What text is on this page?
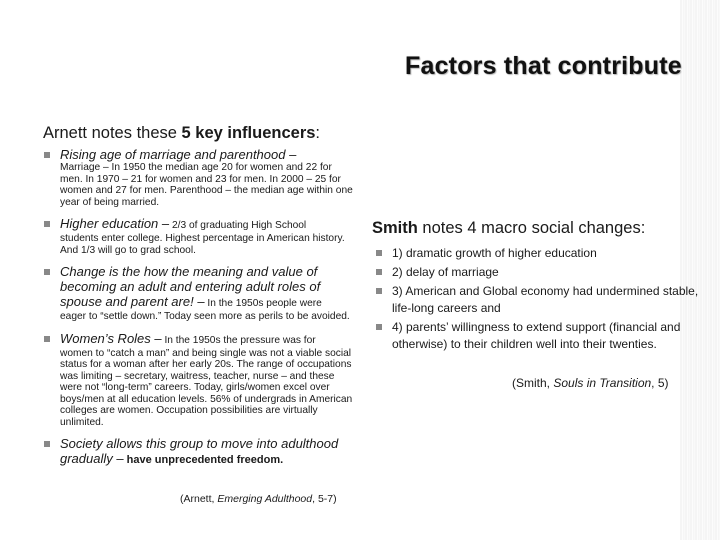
Factors that contribute
Arnett notes these 5 key influencers:
Rising age of marriage and parenthood –
Marriage – In 1950 the median age 20 for women and 22 for men. In 1970 – 21 for women and 23 for men. In 2000 – 25 for women and 27 for men. Parenthood – the median age within one year of being married.
Higher education – 2/3 of graduating High School
students enter college. Highest percentage in American history. And 1/3 will go to grad school.
Change is the how the meaning and value of becoming an adult and entering adult roles of spouse and parent are! – In the 1950s people were
eager to “settle down.” Today seen more as perils to be avoided.
Women’s Roles – In the 1950s the pressure was for
women to “catch a man” and being single was not a viable social status for a woman after her early 20s. The range of occupations was limiting – secretary, waitress, teacher, nurse – and these were not “long-term” careers. Today, girls/women excel over boys/men at all education levels. 56% of undergrads in American colleges are women. Occupation possibilities are virtually unlimited.
Society allows this group to move into adulthood gradually – have unprecedented freedom.
(Arnett, Emerging Adulthood, 5-7)
Smith notes 4 macro social changes:
1) dramatic growth of higher education
2) delay of marriage
3) American and Global economy had undermined stable, life-long careers and
4) parents’ willingness to extend support (financial and otherwise) to their children well into their twenties.
(Smith, Souls in Transition, 5)
